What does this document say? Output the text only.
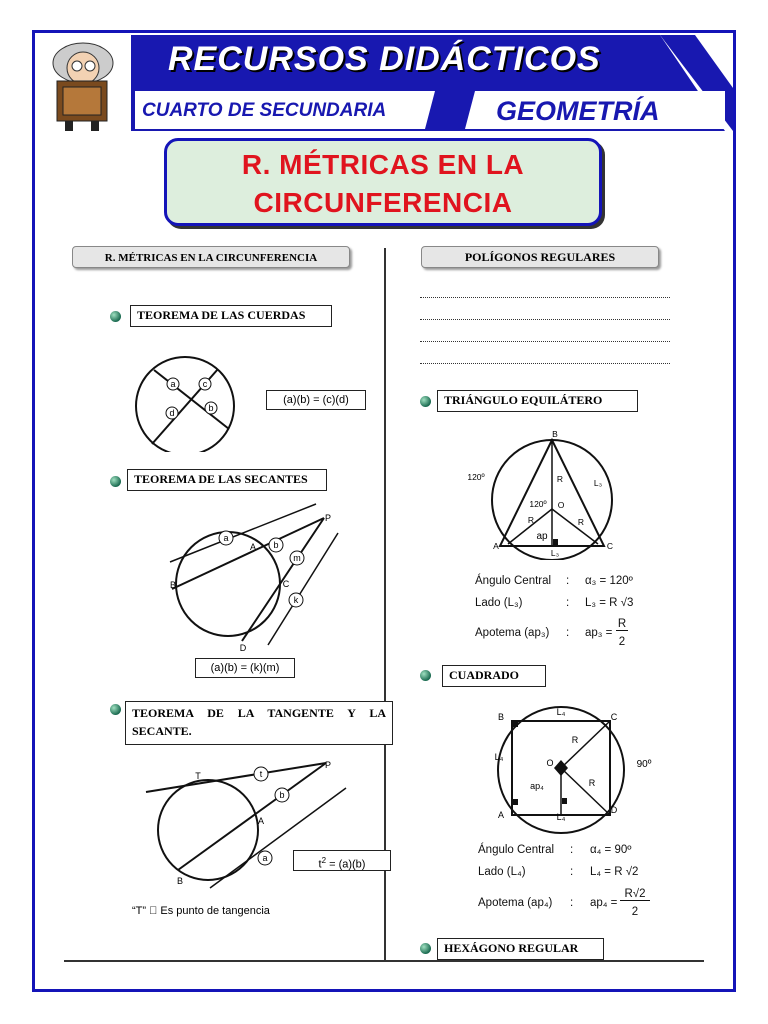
RECURSOS DIDÁCTICOS
CUARTO DE SECUNDARIA	GEOMETRÍA
R. MÉTRICAS EN LA
CIRCUNFERENCIA
R. MÉTRICAS EN LA CIRCUNFERENCIA
TEOREMA DE LAS CUERDAS
a	c
d	b
(a)(b) = (c)(d)
TEOREMA DE LAS SECANTES
P
A
B	C
D
a
b
m
k
(a)(b) = (k)(m)
TEOREMA DE LA TANGENTE Y LA SECANTE.
T
P
A
B
t
b
a
$t^2 = (a)(b)$
“T”   Es punto de tangencia
POLÍGONOS REGULARES
TRIÁNGULO EQUILÁTERO
B
A	C
O
120º
120º
R
R	R
ap
L₃
L₃
Ángulo Central : α₃ = 120º
Lado (L₃)	: L₃ = R √3
Apotema (ap₃) : ap₃ =
R
2
CUADRADO
B	C
A	D
O
R
R
ap₄
L₄
L₄
L₄
90º
Ángulo Central : α₄ = 90º
Lado (L₄)	: L₄ = R √2
Apotema (ap₄) : ap₄ =
R√2
2
HEXÁGONO REGULAR
